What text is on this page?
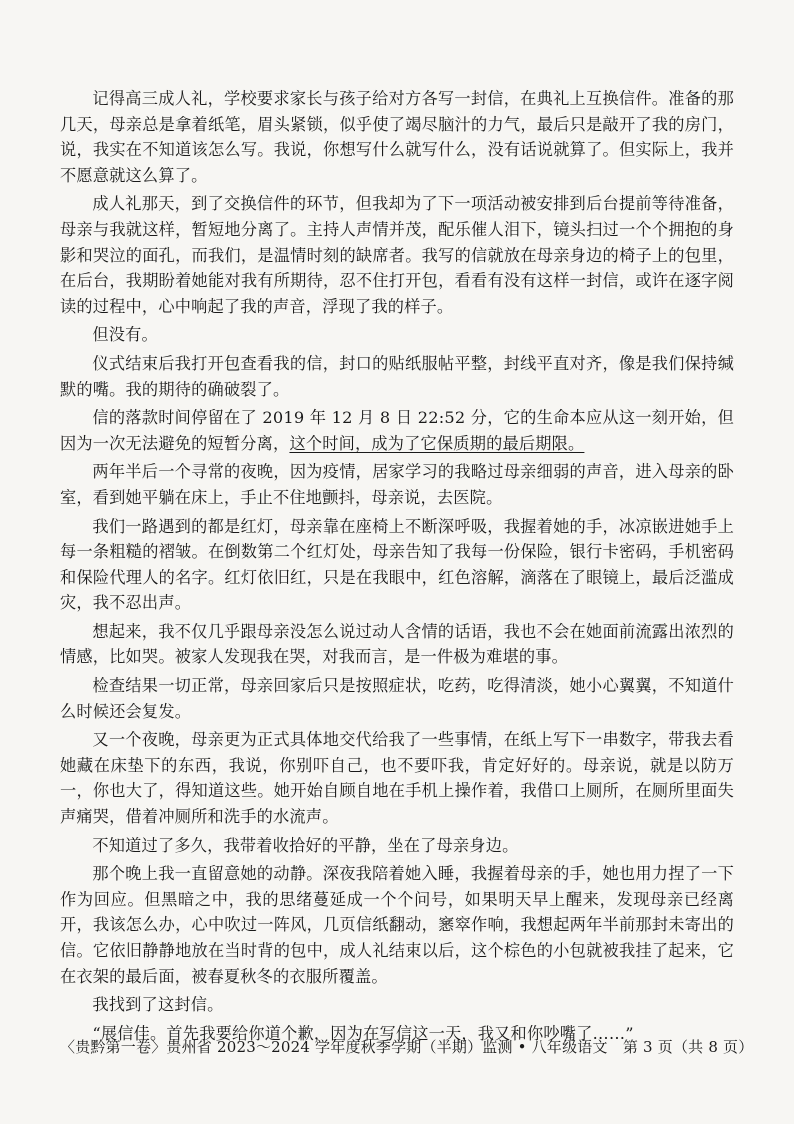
记得高三成人礼，学校要求家长与孩子给对方各写一封信，在典礼上互换信件。准备的那几天，母亲总是拿着纸笔，眉头紧锁，似乎使了竭尽脑汁的力气，最后只是敲开了我的房门，说，我实在不知道该怎么写。我说，你想写什么就写什么，没有话说就算了。但实际上，我并不愿意就这么算了。

成人礼那天，到了交换信件的环节，但我却为了下一项活动被安排到后台提前等待准备，母亲与我就这样，暂短地分离了。主持人声情并茂，配乐催人泪下，镜头扫过一个个拥抱的身影和哭泣的面孔，而我们，是温情时刻的缺席者。我写的信就放在母亲身边的椅子上的包里，在后台，我期盼着她能对我有所期待，忍不住打开包，看看有没有这样一封信，或许在逐字阅读的过程中，心中响起了我的声音，浮现了我的样子。

但没有。

仪式结束后我打开包查看我的信，封口的贴纸服帖平整，封线平直对齐，像是我们保持缄默的嘴。我的期待的确破裂了。

信的落款时间停留在了 2019 年 12 月 8 日 22:52 分，它的生命本应从这一刻开始，但因为一次无法避免的短暂分离，这个时间，成为了它保质期的最后期限。

两年半后一个寻常的夜晚，因为疫情，居家学习的我略过母亲细弱的声音，进入母亲的卧室，看到她平躺在床上，手止不住地颤抖，母亲说，去医院。

我们一路遇到的都是红灯，母亲靠在座椅上不断深呼吸，我握着她的手，冰凉嵌进她手上每一条粗糙的褶皱。在倒数第二个红灯处，母亲告知了我每一份保险，银行卡密码，手机密码和保险代理人的名字。红灯依旧红，只是在我眼中，红色溶解，滴落在了眼镜上，最后泛滥成灾，我不忍出声。

想起来，我不仅几乎跟母亲没怎么说过动人含情的话语，我也不会在她面前流露出浓烈的情感，比如哭。被家人发现我在哭，对我而言，是一件极为难堪的事。

检查结果一切正常，母亲回家后只是按照症状，吃药，吃得清淡，她小心翼翼，不知道什么时候还会复发。

又一个夜晚，母亲更为正式具体地交代给我了一些事情，在纸上写下一串数字，带我去看她藏在床垫下的东西，我说，你别吓自己，也不要吓我，肯定好好的。母亲说，就是以防万一，你也大了，得知道这些。她开始自顾自地在手机上操作着，我借口上厕所，在厕所里面失声痛哭，借着冲厕所和洗手的水流声。

不知道过了多久，我带着收拾好的平静，坐在了母亲身边。

那个晚上我一直留意她的动静。深夜我陪着她入睡，我握着母亲的手，她也用力捏了一下作为回应。但黑暗之中，我的思绪蔓延成一个个问号，如果明天早上醒来，发现母亲已经离开，我该怎么办，心中吹过一阵风，几页信纸翻动，窸窣作响，我想起两年半前那封未寄出的信。它依旧静静地放在当时背的包中，成人礼结束以后，这个棕色的小包就被我挂了起来，它在衣架的最后面，被春夏秋冬的衣服所覆盖。

我找到了这封信。

“展信佳。首先我要给你道个歉，因为在写信这一天，我又和你吵嘴了……”

〈贵黔第一卷〉贵州省 2023～2024 学年度秋季学期（半期）监测 • 八年级语文　第 3 页（共 8 页）
